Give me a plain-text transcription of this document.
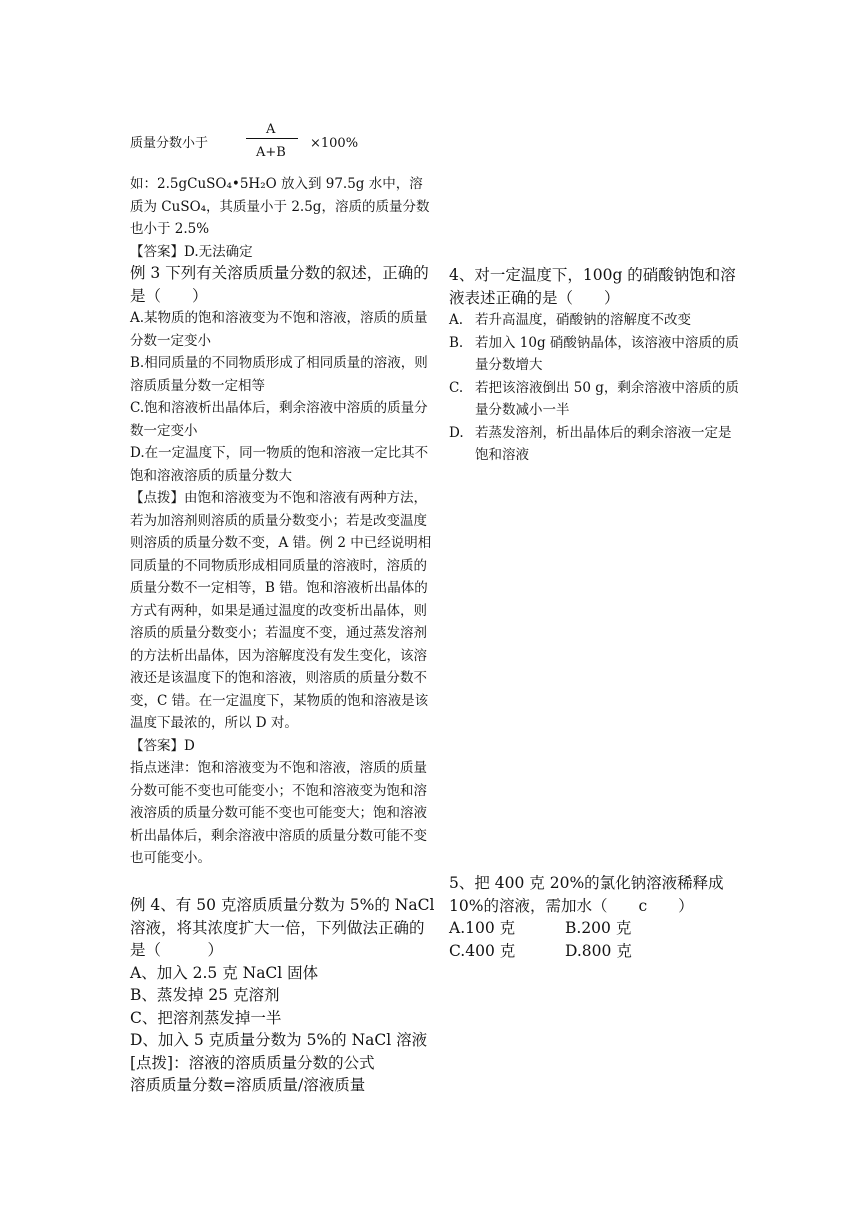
质量分数小于
A
A+B
×100%

如：2.5gCuSO₄•5H₂O 放入到 97.5g 水中，溶质为 CuSO₄，其质量小于 2.5g，溶质的质量分数也小于 2.5%

【答案】D.无法确定

例 3 下列有关溶质质量分数的叙述，正确的是（　　）

A.某物质的饱和溶液变为不饱和溶液，溶质的质量分数一定变小

B.相同质量的不同物质形成了相同质量的溶液，则溶质质量分数一定相等

C.饱和溶液析出晶体后，剩余溶液中溶质的质量分数一定变小

D.在一定温度下，同一物质的饱和溶液一定比其不饱和溶液溶质的质量分数大

【点拨】由饱和溶液变为不饱和溶液有两种方法，若为加溶剂则溶质的质量分数变小；若是改变温度则溶质的质量分数不变，A 错。例 2 中已经说明相同质量的不同物质形成相同质量的溶液时，溶质的质量分数不一定相等，B 错。饱和溶液析出晶体的方式有两种，如果是通过温度的改变析出晶体，则溶质的质量分数变小；若温度不变，通过蒸发溶剂的方法析出晶体，因为溶解度没有发生变化，该溶液还是该温度下的饱和溶液，则溶质的质量分数不变，C 错。在一定温度下，某物质的饱和溶液是该温度下最浓的，所以 D 对。

【答案】D

指点迷津：饱和溶液变为不饱和溶液，溶质的质量分数可能不变也可能变小；不饱和溶液变为饱和溶液溶质的质量分数可能不变也可能变大；饱和溶液析出晶体后，剩余溶液中溶质的质量分数可能不变也可能变小。

例 4、有 50 克溶质质量分数为 5%的 NaCl 溶液，将其浓度扩大一倍，下列做法正确的是（　　　）

A、加入 2.5 克 NaCl 固体

B、蒸发掉 25 克溶剂

C、把溶剂蒸发掉一半

D、加入 5 克质量分数为 5%的 NaCl 溶液

[点拨]：溶液的溶质质量分数的公式

溶质质量分数=溶质质量/溶液质量

4、对一定温度下，100g 的硝酸钠饱和溶液表述正确的是（　　）

A. 若升高温度，硝酸钠的溶解度不改变
B. 若加入 10g 硝酸钠晶体，该溶液中溶质的质量分数增大
C. 若把该溶液倒出 50 g，剩余溶液中溶质的质量分数减小一半
D. 若蒸发溶剂，析出晶体后的剩余溶液一定是饱和溶液

5、把 400 克 20%的氯化钠溶液稀释成 10%的溶液，需加水（　　c　　）

A.100 克	B.200 克
C.400 克	D.800 克
